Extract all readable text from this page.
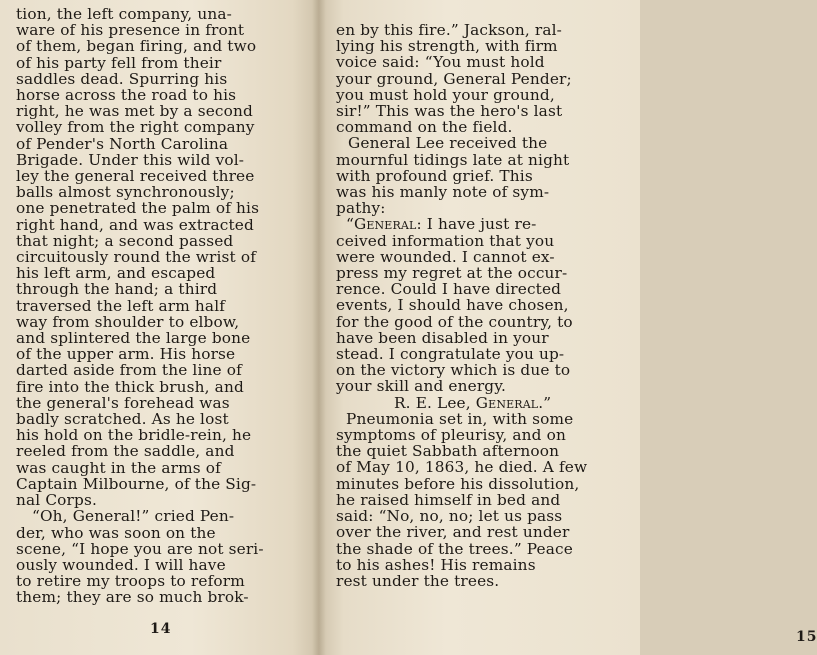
tion, the left company, una-
ware of his presence in front
of them, began firing, and two
of his party fell from their
saddles dead. Spurring his
horse across the road to his
right, he was met by a second
volley from the right company
of Pender's North Carolina
Brigade. Under this wild vol-
ley the general received three
balls almost synchronously;
one penetrated the palm of his
right hand, and was extracted
that night; a second passed
circuitously round the wrist of
his left arm, and escaped
through the hand; a third
traversed the left arm half
way from shoulder to elbow,
and splintered the large bone
of the upper arm. His horse
darted aside from the line of
fire into the thick brush, and
the general's forehead was
badly scratched. As he lost
his hold on the bridle-rein, he
reeled from the saddle, and
was caught in the arms of
Captain Milbourne, of the Sig-
nal Corps.
“Oh, General!” cried Pen-
der, who was soon on the
scene, “I hope you are not seri-
ously wounded. I will have
to retire my troops to reform
them; they are so much brok-
14
en by this fire.” Jackson, ral-
lying his strength, with firm
voice said: “You must hold
your ground, General Pender;
you must hold your ground,
sir!” This was the hero's last
command on the field.
General Lee received the
mournful tidings late at night
with profound grief. This
was his manly note of sym-
pathy:
“General: I have just re-
ceived information that you
were wounded. I cannot ex-
press my regret at the occur-
rence. Could I have directed
events, I should have chosen,
for the good of the country, to
have been disabled in your
stead. I congratulate you up-
on the victory which is due to
your skill and energy.
R. E. Lee, General.”
Pneumonia set in, with some
symptoms of pleurisy, and on
the quiet Sabbath afternoon
of May 10, 1863, he died. A few
minutes before his dissolution,
he raised himself in bed and
said: “No, no, no; let us pass
over the river, and rest under
the shade of the trees.” Peace
to his ashes! His remains
rest under the trees.
15
